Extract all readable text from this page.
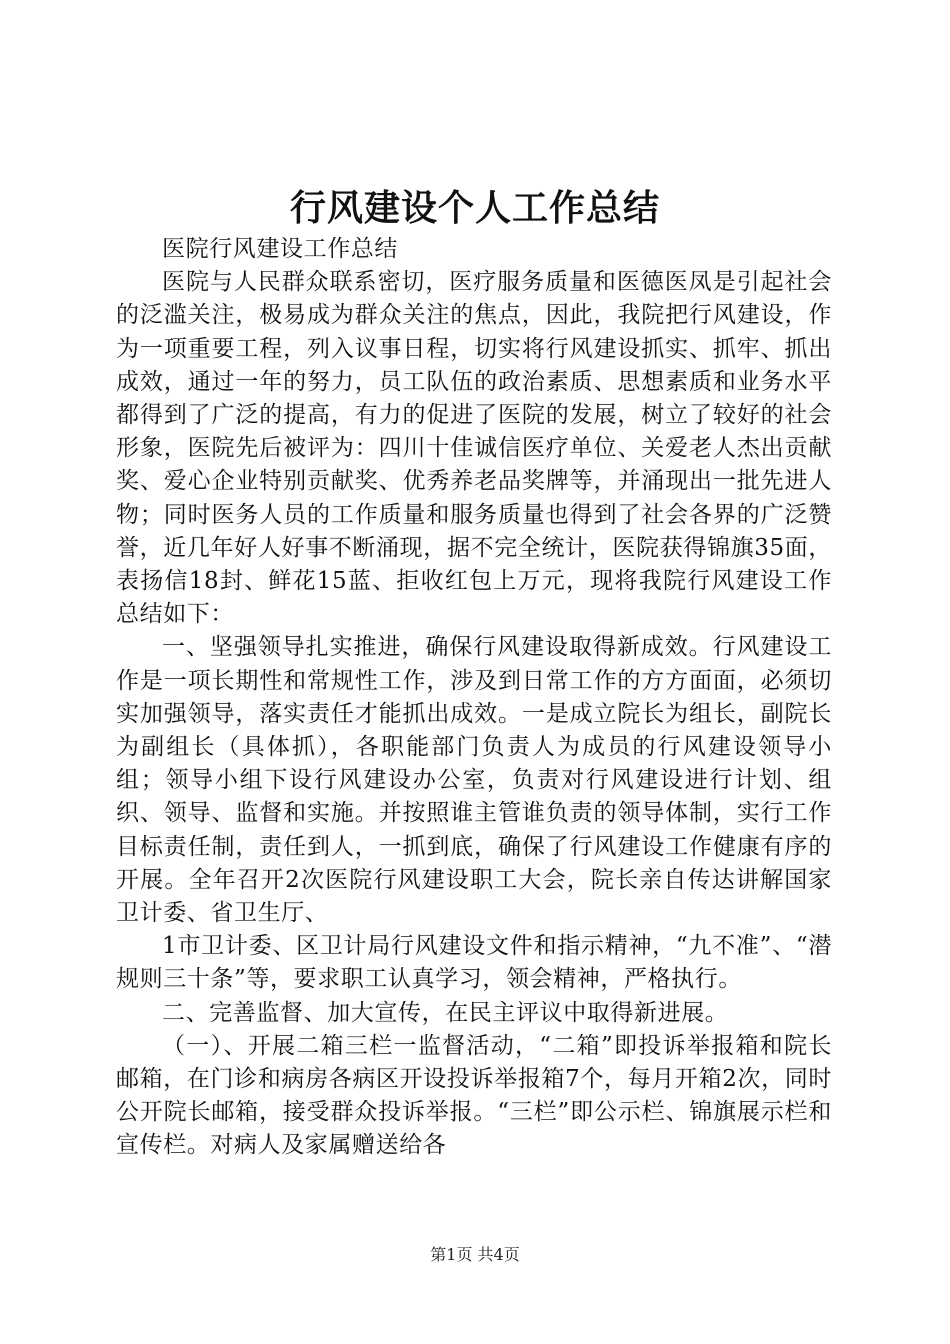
行风建设个人工作总结

医院行风建设工作总结

医院与人民群众联系密切，医疗服务质量和医德医凤是引起社会的泛滥关注，极易成为群众关注的焦点，因此，我院把行风建设，作为一项重要工程，列入议事日程，切实将行风建设抓实、抓牢、抓出成效，通过一年的努力，员工队伍的政治素质、思想素质和业务水平都得到了广泛的提高，有力的促进了医院的发展，树立了较好的社会形象，医院先后被评为：四川十佳诚信医疗单位、关爱老人杰出贡献奖、爱心企业特别贡献奖、优秀养老品奖牌等，并涌现出一批先进人物；同时医务人员的工作质量和服务质量也得到了社会各界的广泛赞誉，近几年好人好事不断涌现，据不完全统计，医院获得锦旗35面，表扬信18封、鲜花15蓝、拒收红包上万元，现将我院行风建设工作总结如下：

一、坚强领导扎实推进，确保行风建设取得新成效。行风建设工作是一项长期性和常规性工作，涉及到日常工作的方方面面，必须切实加强领导，落实责任才能抓出成效。一是成立院长为组长，副院长为副组长（具体抓），各职能部门负责人为成员的行风建设领导小组；领导小组下设行风建设办公室，负责对行风建设进行计划、组织、领导、监督和实施。并按照谁主管谁负责的领导体制，实行工作目标责任制，责任到人，一抓到底，确保了行风建设工作健康有序的开展。全年召开2次医院行风建设职工大会，院长亲自传达讲解国家卫计委、省卫生厅、

1市卫计委、区卫计局行风建设文件和指示精神，“九不准”、“潜规则三十条”等，要求职工认真学习，领会精神，严格执行。

二、完善监督、加大宣传，在民主评议中取得新进展。

（一）、开展二箱三栏一监督活动，“二箱”即投诉举报箱和院长邮箱，在门诊和病房各病区开设投诉举报箱7个，每月开箱2次，同时公开院长邮箱，接受群众投诉举报。“三栏”即公示栏、锦旗展示栏和宣传栏。对病人及家属赠送给各

第1页 共4页
